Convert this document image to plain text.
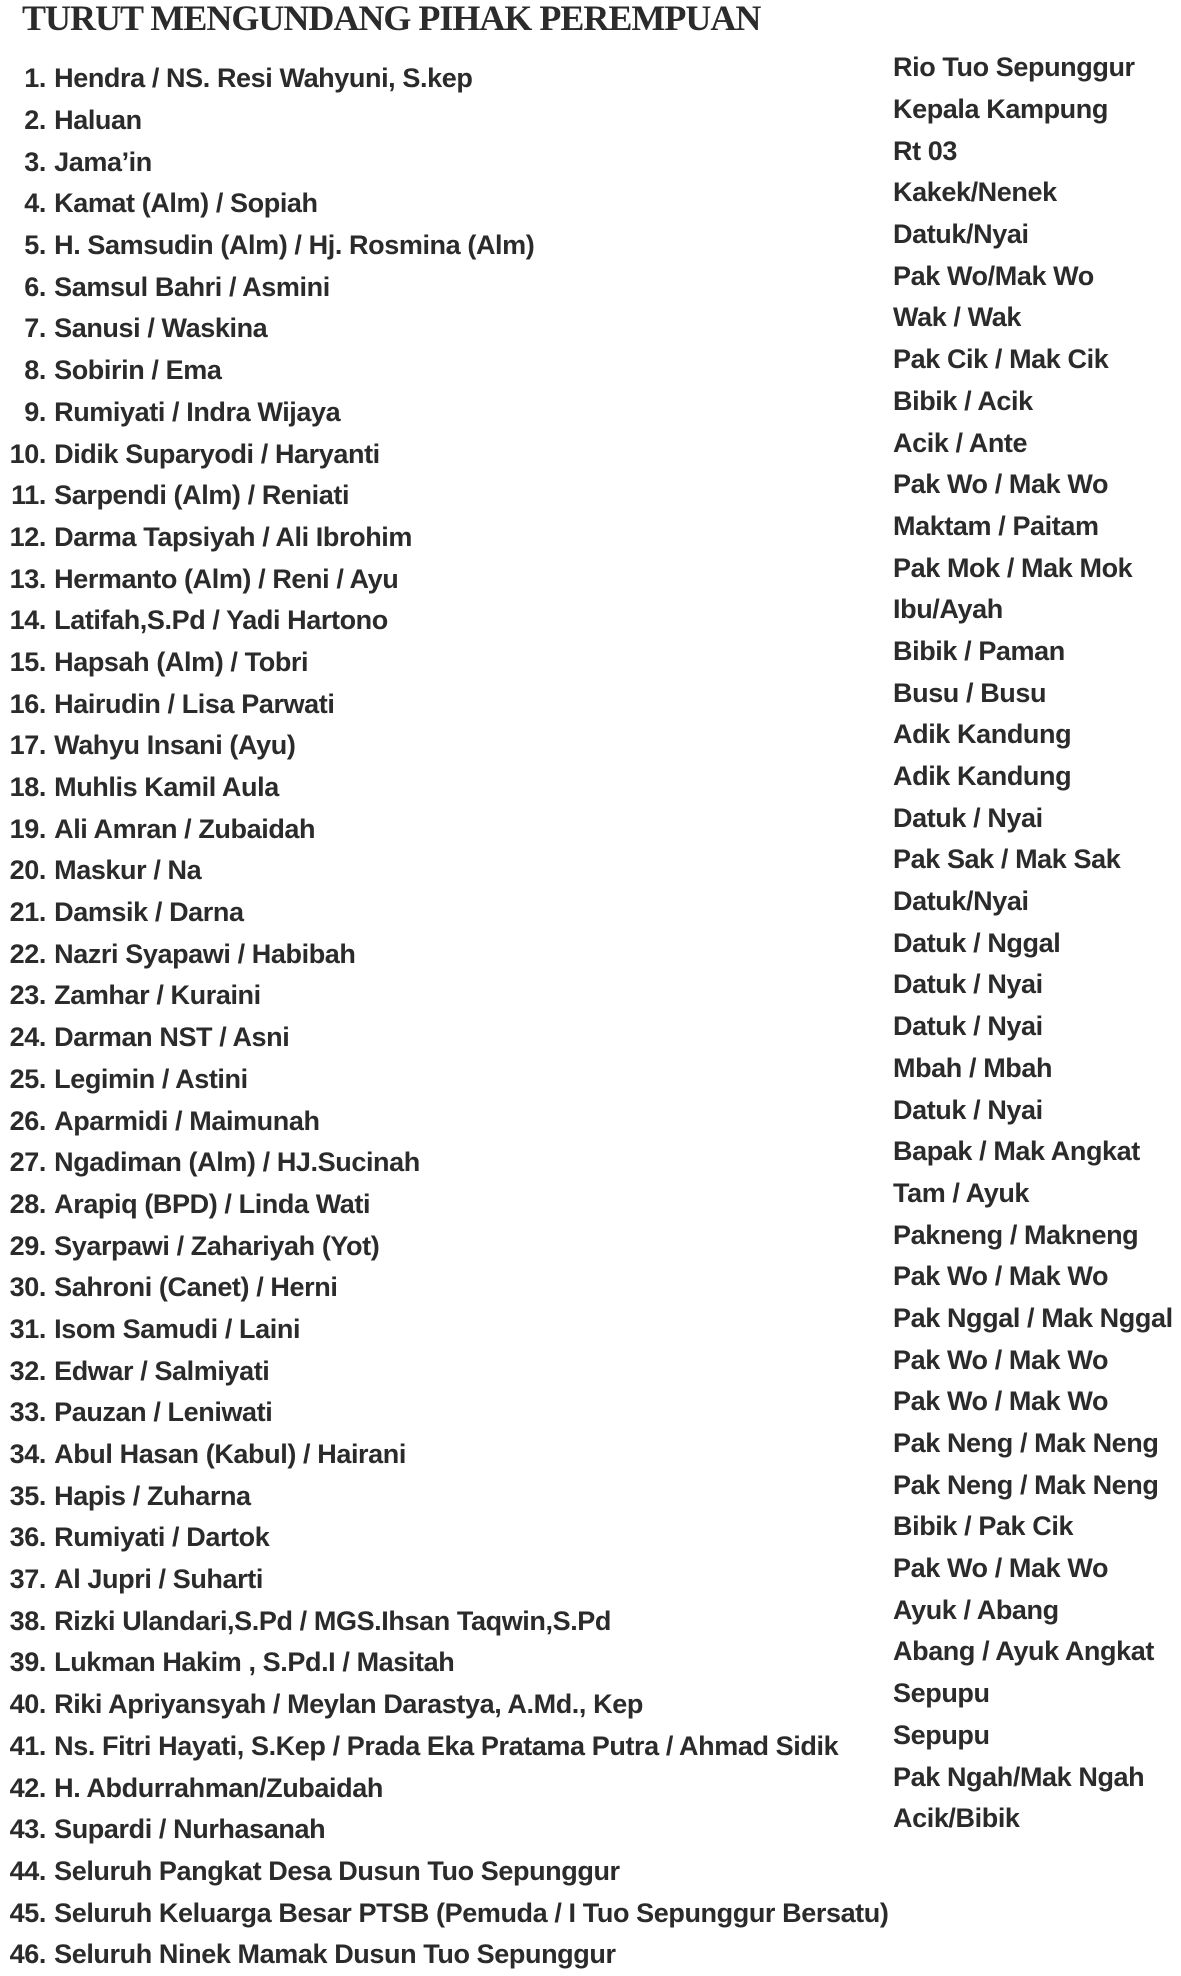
TURUT MENGUNDANG PIHAK PEREMPUAN
1.
Hendra / NS. Resi Wahyuni, S.kep
2.
Haluan
3.
Jama’in
4.
Kamat (Alm) / Sopiah
5.
H. Samsudin (Alm) / Hj. Rosmina (Alm)
6.
Samsul Bahri / Asmini
7.
Sanusi / Waskina
8.
Sobirin / Ema
9.
Rumiyati / Indra Wijaya
10.
Didik Suparyodi / Haryanti
11.
Sarpendi (Alm) / Reniati
12.
Darma Tapsiyah / Ali Ibrohim
13.
Hermanto (Alm) / Reni / Ayu
14.
Latifah,S.Pd / Yadi Hartono
15.
Hapsah (Alm) / Tobri
16.
Hairudin / Lisa Parwati
17.
Wahyu Insani (Ayu)
18.
Muhlis Kamil Aula
19.
Ali Amran / Zubaidah
20.
Maskur / Na
21.
Damsik / Darna
22.
Nazri Syapawi / Habibah
23.
Zamhar / Kuraini
24.
Darman NST / Asni
25.
Legimin / Astini
26.
Aparmidi / Maimunah
27.
Ngadiman (Alm) / HJ.Sucinah
28.
Arapiq (BPD) / Linda Wati
29.
Syarpawi / Zahariyah (Yot)
30.
Sahroni (Canet) / Herni
31.
Isom Samudi / Laini
32.
Edwar / Salmiyati
33.
Pauzan / Leniwati
34.
Abul Hasan (Kabul) / Hairani
35.
Hapis / Zuharna
36.
Rumiyati / Dartok
37.
Al Jupri / Suharti
38.
Rizki Ulandari,S.Pd / MGS.Ihsan Taqwin,S.Pd
39.
Lukman Hakim , S.Pd.I / Masitah
40.
Riki Apriyansyah / Meylan Darastya, A.Md., Kep
41.
Ns. Fitri Hayati, S.Kep / Prada Eka Pratama Putra / Ahmad Sidik
42.
H. Abdurrahman/Zubaidah
43.
Supardi / Nurhasanah
44.
Seluruh Pangkat Desa Dusun Tuo Sepunggur
45.
Seluruh Keluarga Besar PTSB (Pemuda / I Tuo Sepunggur Bersatu)
46.
Seluruh Ninek Mamak Dusun Tuo Sepunggur
Rio Tuo Sepunggur
Kepala Kampung
Rt 03
Kakek/Nenek
Datuk/Nyai
Pak Wo/Mak Wo
Wak / Wak
Pak Cik / Mak Cik
Bibik / Acik
Acik / Ante
Pak Wo / Mak Wo
Maktam / Paitam
Pak Mok / Mak Mok
Ibu/Ayah
Bibik / Paman
Busu / Busu
Adik Kandung
Adik Kandung
Datuk / Nyai
Pak Sak / Mak Sak
Datuk/Nyai
Datuk / Nggal
Datuk / Nyai
Datuk / Nyai
Mbah / Mbah
Datuk / Nyai
Bapak / Mak Angkat
Tam / Ayuk
Pakneng / Makneng
Pak Wo / Mak Wo
Pak Nggal / Mak Nggal
Pak Wo / Mak Wo
Pak Wo / Mak Wo
Pak Neng / Mak Neng
Pak Neng / Mak Neng
Bibik / Pak Cik
Pak Wo / Mak Wo
Ayuk / Abang
Abang / Ayuk Angkat
Sepupu
Sepupu
Pak Ngah/Mak Ngah
Acik/Bibik
